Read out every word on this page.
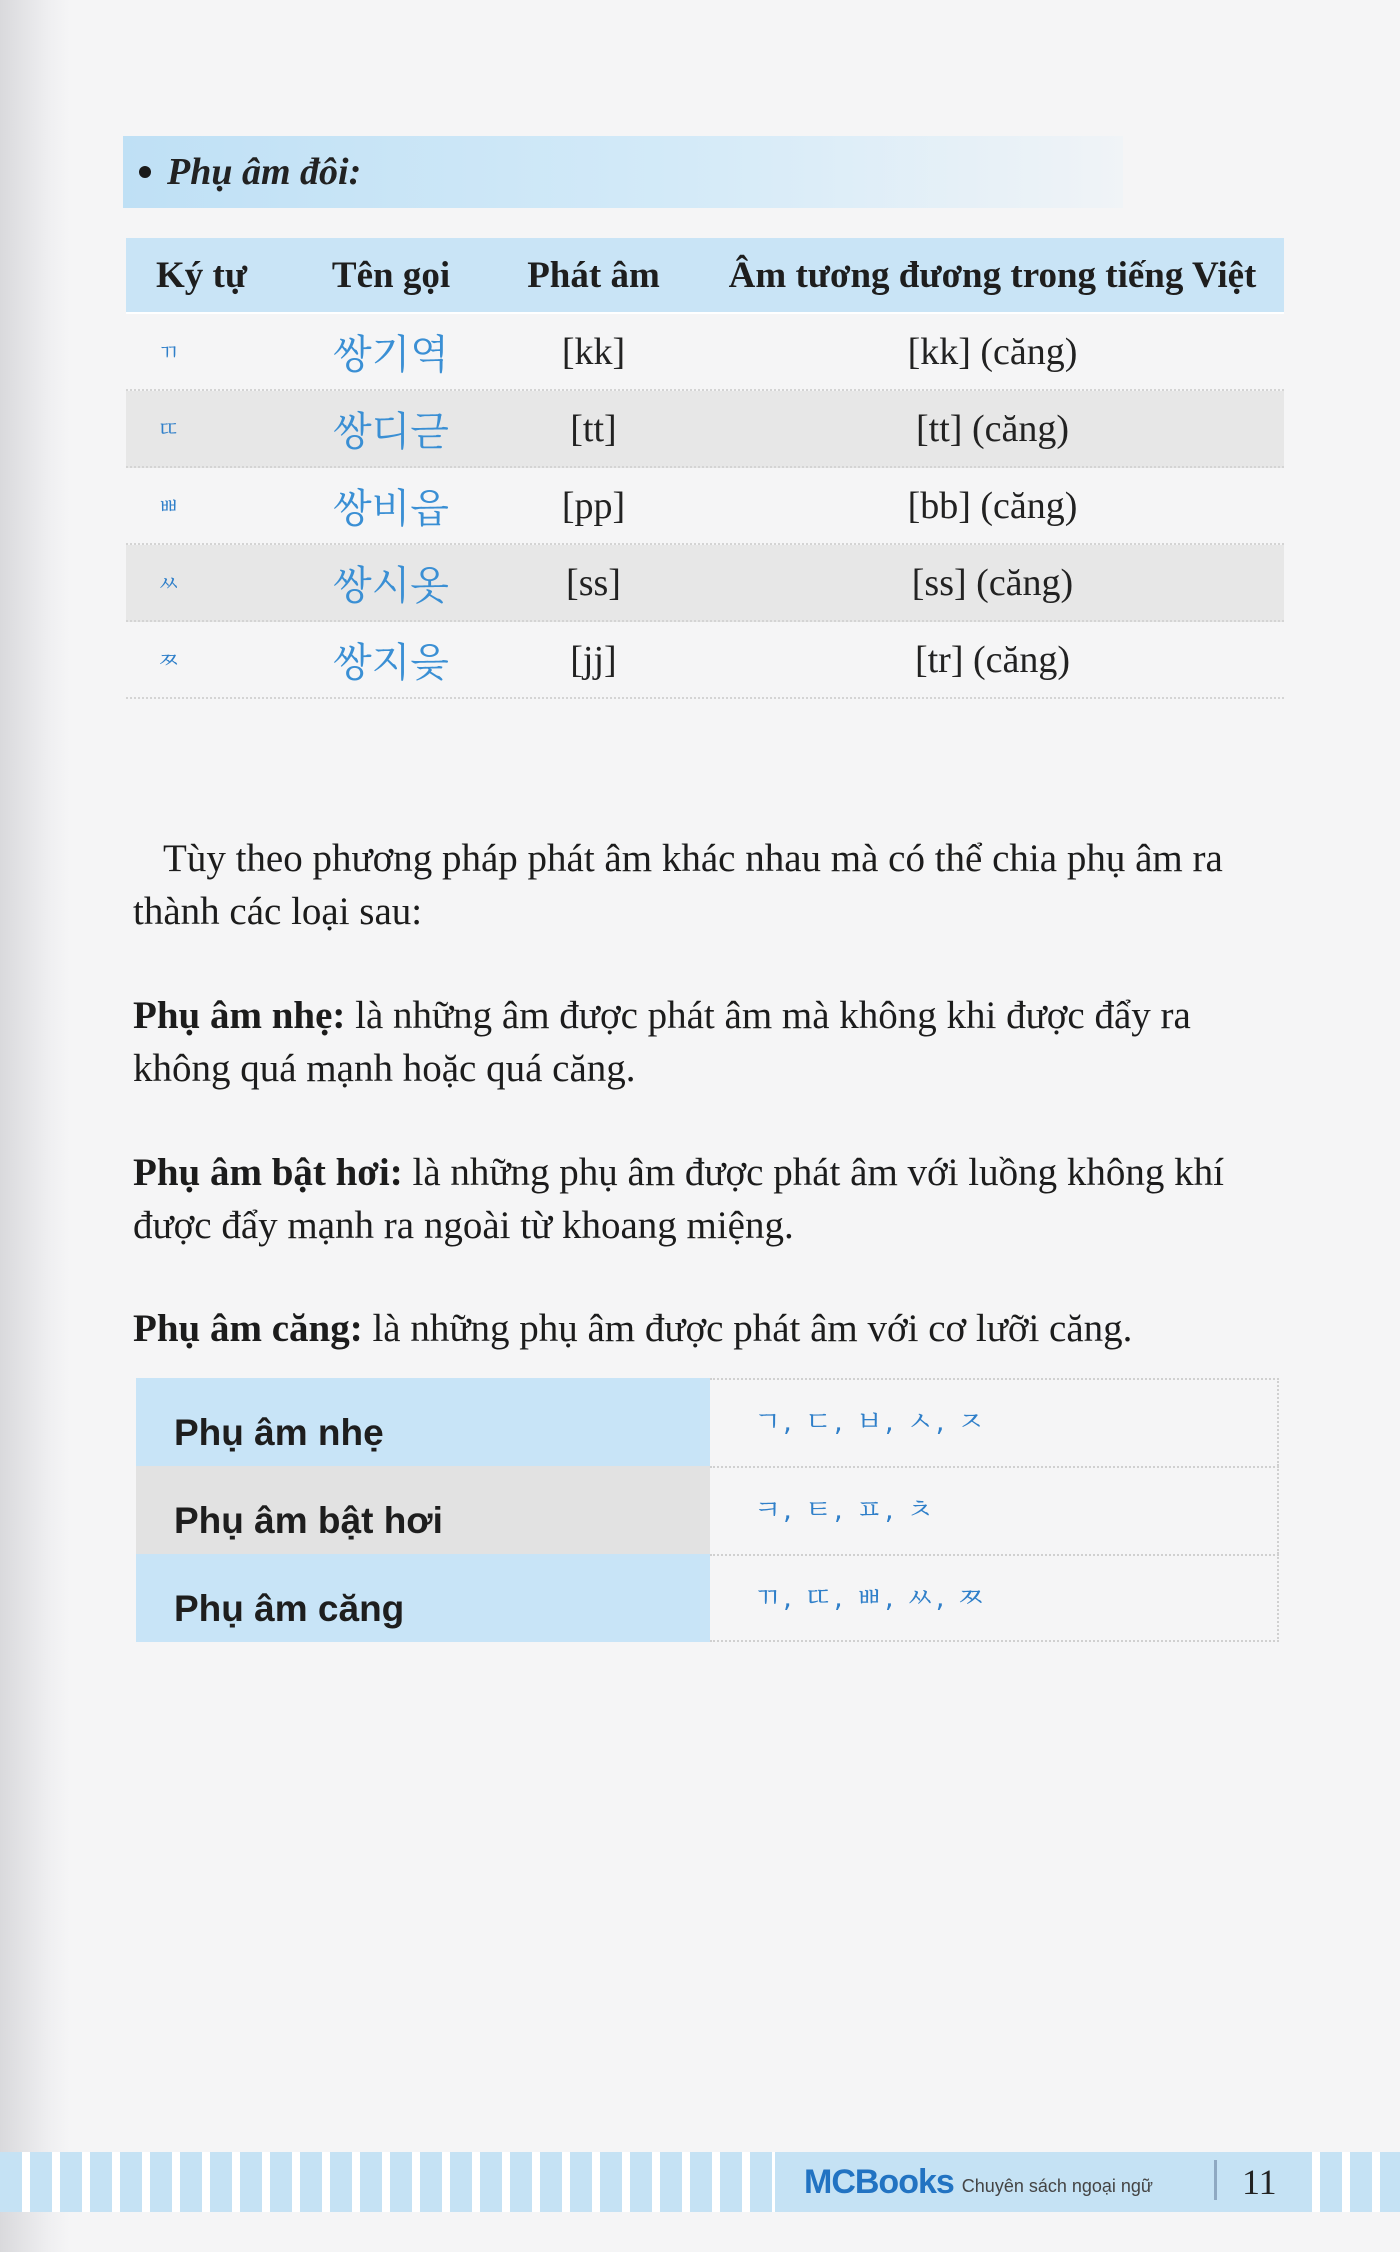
Phụ âm đôi:
Ký tự	Tên gọi	Phát âm	Âm tương đương trong tiếng Việt
ㄲ	쌍기역	[kk]	[kk] (căng)
ㄸ	쌍디귿	[tt]	[tt] (căng)
ㅃ	쌍비읍	[pp]	[bb] (căng)
ㅆ	쌍시옷	[ss]	[ss] (căng)
ㅉ	쌍지읒	[jj]	[tr] (căng)
Tùy theo phương pháp phát âm khác nhau mà có thể chia phụ âm ra thành các loại sau:
Phụ âm nhẹ: là những âm được phát âm mà không khi được đẩy ra không quá mạnh hoặc quá căng.
Phụ âm bật hơi: là những phụ âm được phát âm với luồng không khí được đẩy mạnh ra ngoài từ khoang miệng.
Phụ âm căng: là những phụ âm được phát âm với cơ lưỡi căng.
Phụ âm nhẹ	ㄱ, ㄷ, ㅂ, ㅅ, ㅈ
Phụ âm bật hơi	ㅋ, ㅌ, ㅍ, ㅊ
Phụ âm căng	ㄲ, ㄸ, ㅃ, ㅆ, ㅉ
MCBooks Chuyên sách ngoại ngữ 11
